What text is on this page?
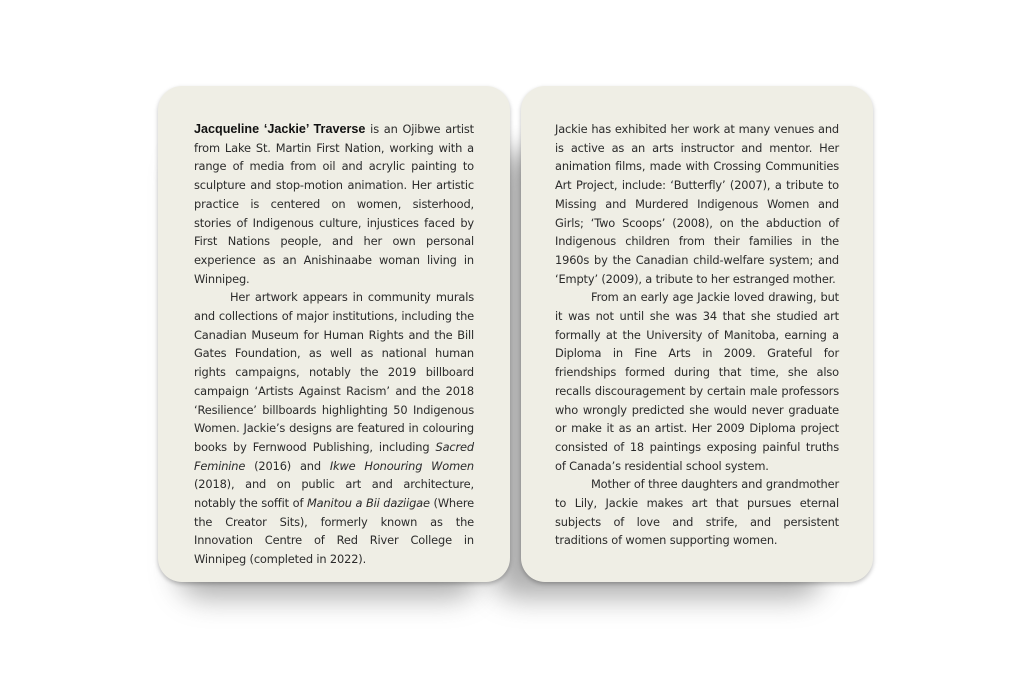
Jacqueline ‘Jackie’ Traverse is an Ojibwe artist from Lake St. Martin First Nation, working with a range of media from oil and acrylic painting to sculpture and stop-motion animation. Her artistic practice is centered on women, sisterhood, stories of Indigenous culture, injustices faced by First Nations people, and her own personal experience as an Anishinaabe woman living in Winnipeg.

Her artwork appears in community murals and collections of major institutions, including the Canadian Museum for Human Rights and the Bill Gates Foundation, as well as national human rights campaigns, notably the 2019 billboard campaign ‘Artists Against Racism’ and the 2018 ‘Resilience’ billboards highlighting 50 Indigenous Women. Jackie’s designs are featured in colouring books by Fernwood Publishing, including Sacred Feminine (2016) and Ikwe Honouring Women (2018), and on public art and architecture, notably the soffit of Manitou a Bii daziigae (Where the Creator Sits), formerly known as the Innovation Centre of Red River College in Winnipeg (completed in 2022).

Jackie has exhibited her work at many venues and is active as an arts instructor and mentor. Her animation films, made with Crossing Communities Art Project, include: ‘Butterfly’ (2007), a tribute to Missing and Murdered Indigenous Women and Girls; ‘Two Scoops’ (2008), on the abduction of Indigenous children from their families in the 1960s by the Canadian child-welfare system; and ‘Empty’ (2009), a tribute to her estranged mother.

From an early age Jackie loved drawing, but it was not until she was 34 that she studied art formally at the University of Manitoba, earning a Diploma in Fine Arts in 2009. Grateful for friendships formed during that time, she also recalls discouragement by certain male professors who wrongly predicted she would never graduate or make it as an artist. Her 2009 Diploma project consisted of 18 paintings exposing painful truths of Canada’s residential school system.

Mother of three daughters and grandmother to Lily, Jackie makes art that pursues eternal subjects of love and strife, and persistent traditions of women supporting women.
